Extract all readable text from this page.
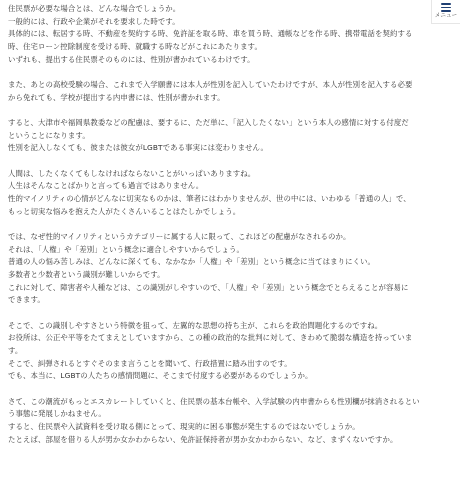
住民票が必要な場合とは、どんな場合でしょうか。
一般的には、行政や企業がそれを要求した時です。
具体的には、転居する時、不動産を契約する時、免許証を取る時、車を買う時、通帳などを作る時、携帯電話を契約する
時、住宅ローン控除制度を受ける時、就職する時などがこれにあたります。
いずれも、提出する住民票そのものには、性別が書かれているわけです。
また、あとの高校受験の場合、これまで入学願書には本人が性別を記入していたわけですが、本人が性別を記入する必要
から免れても、学校が提出する内申書には、性別が書かれます。
すると、大津市や福岡県教委などの配慮は、要するに、ただ単に、「記入したくない」という本人の感情に対する付度だ
ということになります。
性別を記入しなくても、彼または彼女がLGBTである事実には変わりません。
人間は、したくなくてもしなければならないことがいっぱいありますね。
人生はそんなことばかりと言っても過言ではありません。
性的マイノリティの心情がどんなに切実なものかは、筆者にはわかりませんが、世の中には、いわゆる「普通の人」で、
もっと切実な悩みを抱えた人がたくさんいることはたしかでしょう。
では、なぜ性的マイノリティというカテゴリーに属する人に限って、これほどの配慮がなされるのか。
それは、「人権」や「差別」という概念に適合しやすいからでしょう。
普通の人の悩み苦しみは、どんなに深くても、なかなか「人権」や「差別」という概念に当てはまりにくい。
多数者と少数者という識別が難しいからです。
これに対して、障害者や人種などは、この識別がしやすいので、「人権」や「差別」という概念でとらえることが容易に
できます。
そこで、この識別しやすさという特徴を狙って、左翼的な思想の持ち主が、これらを政治問題化するのですね。
お役所は、公正や平等をたてまえとしていますから、この種の政治的な批判に対して、きわめて脆弱な構造を持っていま
す。
そこで、糾弾されるとすぐそのまま言うことを聞いて、行政措置に踏み出すのです。
でも、本当に、LGBTの人たちの感情問題に、そこまで付度する必要があるのでしょうか。
さて、この潮流がもっとエスカレートしていくと、住民票の基本台帳や、入学試験の内申書からも性別欄が抹消されるとい
う事態に発展しかねません。
すると、住民票や入試資料を受け取る側にとって、現実的に困る事態が発生するのではないでしょうか。
たとえば、部屋を借りる人が男か女かわからない、免許証保持者が男か女かわからない、など、まずくないですか。
メニュー
